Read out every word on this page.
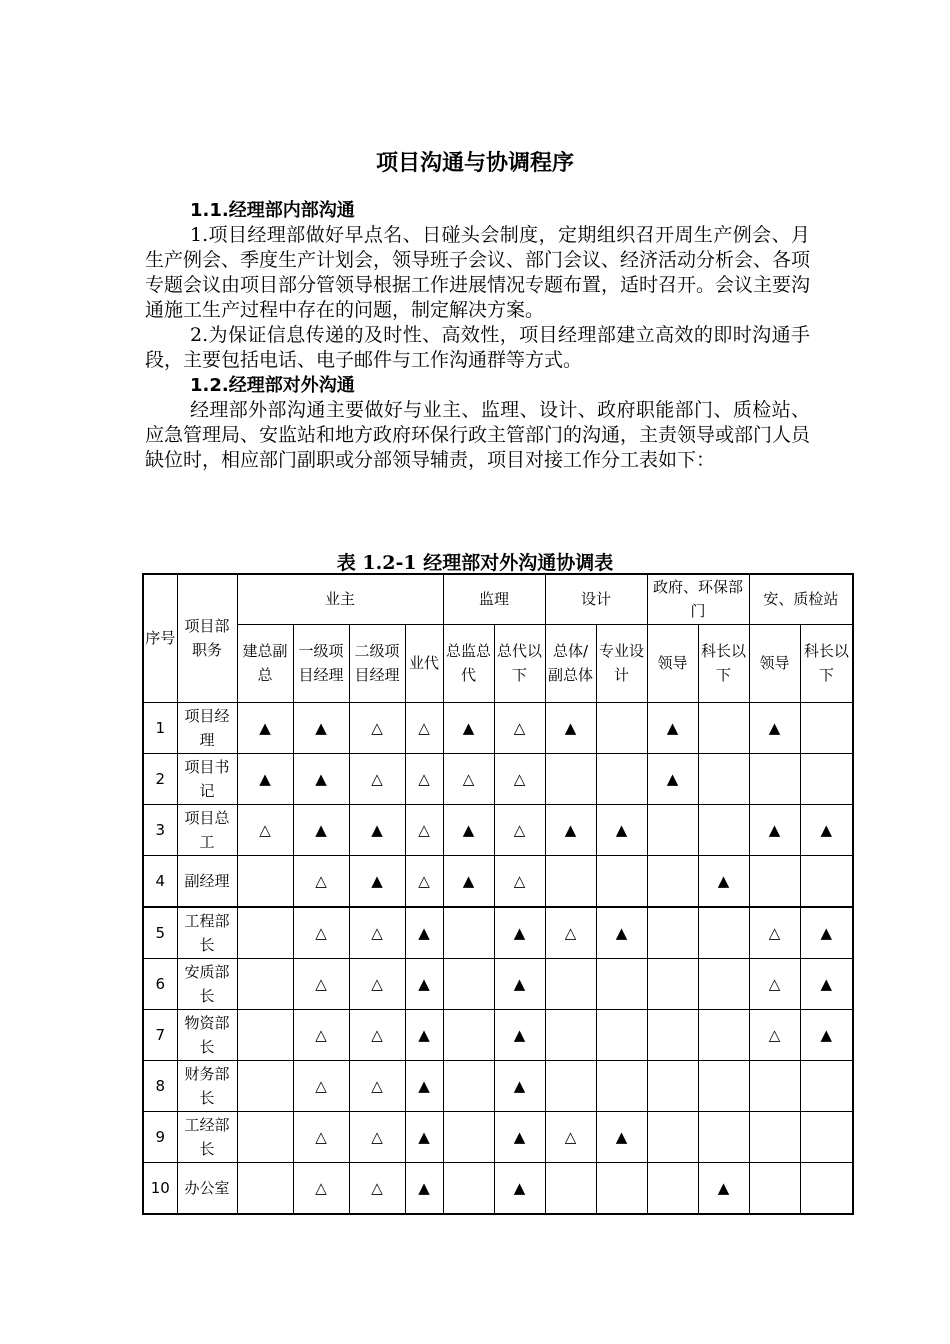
项目沟通与协调程序
1.1.经理部内部沟通
1.项目经理部做好早点名、日碰头会制度，定期组织召开周生产例会、月生产例会、季度生产计划会，领导班子会议、部门会议、经济活动分析会、各项专题会议由项目部分管领导根据工作进展情况专题布置，适时召开。会议主要沟通施工生产过程中存在的问题，制定解决方案。
2.为保证信息传递的及时性、高效性，项目经理部建立高效的即时沟通手段，主要包括电话、电子邮件与工作沟通群等方式。
1.2.经理部对外沟通
经理部外部沟通主要做好与业主、监理、设计、政府职能部门、质检站、应急管理局、安监站和地方政府环保行政主管部门的沟通，主责领导或部门人员缺位时，相应部门副职或分部领导辅责，项目对接工作分工表如下：
表 1.2-1 经理部对外沟通协调表
序号	项目部职务	业主				监理		设计		政府、环保部门		安、质检站	
		建总副总	一级项目经理	二级项目经理	业代	总监总代	总代以下	总体/副总体	专业设计	领导	科长以下	领导	科长以下
1	项目经理	▲	▲	△	△	▲	△	▲		▲		▲	
2	项目书记	▲	▲	△	△	△	△			▲			
3	项目总工	△	▲	▲	△	▲	△	▲	▲			▲	▲
4	副经理		△	▲	△	▲	△				▲		
5	工程部长		△	△	▲		▲	△	▲			△	▲
6	安质部长		△	△	▲		▲					△	▲
7	物资部长		△	△	▲		▲					△	▲
8	财务部长		△	△	▲		▲						
9	工经部长		△	△	▲		▲	△	▲				
10	办公室		△	△	▲		▲				▲		
